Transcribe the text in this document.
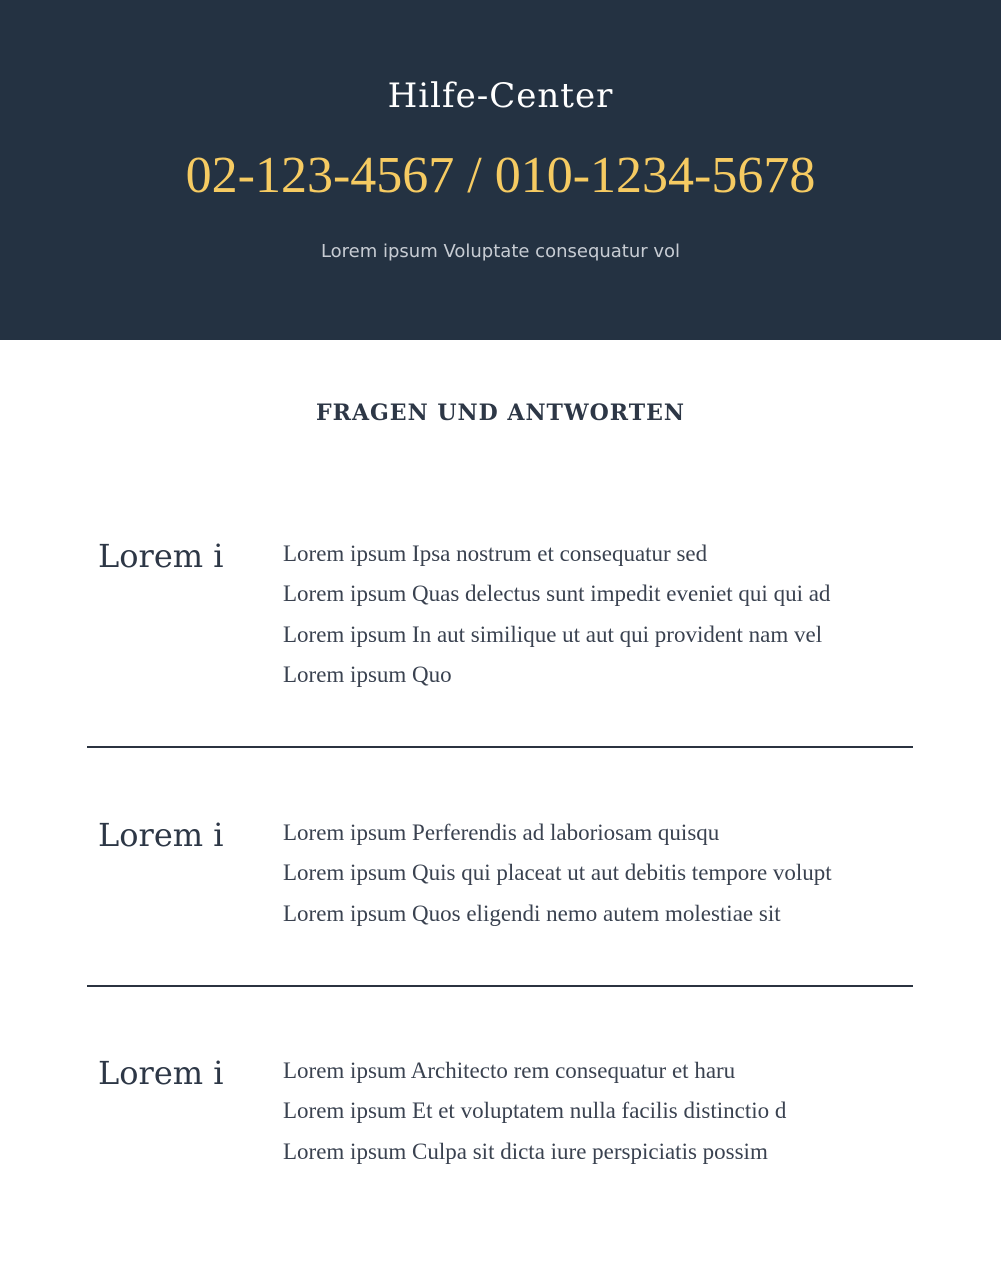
Hilfe-Center
02-123-4567 / 010-1234-5678
Lorem ipsum Voluptate consequatur vol
FRAGEN UND ANTWORTEN
Lorem i	Lorem ipsum Ipsa nostrum et consequatur sed
Lorem ipsum Quas delectus sunt impedit eveniet qui qui ad
Lorem ipsum In aut similique ut aut qui provident nam vel
Lorem ipsum Quo
Lorem i	Lorem ipsum Perferendis ad laboriosam quisqu
Lorem ipsum Quis qui placeat ut aut debitis tempore volupt
Lorem ipsum Quos eligendi nemo autem molestiae sit
Lorem i	Lorem ipsum Architecto rem consequatur et haru
Lorem ipsum Et et voluptatem nulla facilis distinctio d
Lorem ipsum Culpa sit dicta iure perspiciatis possim
